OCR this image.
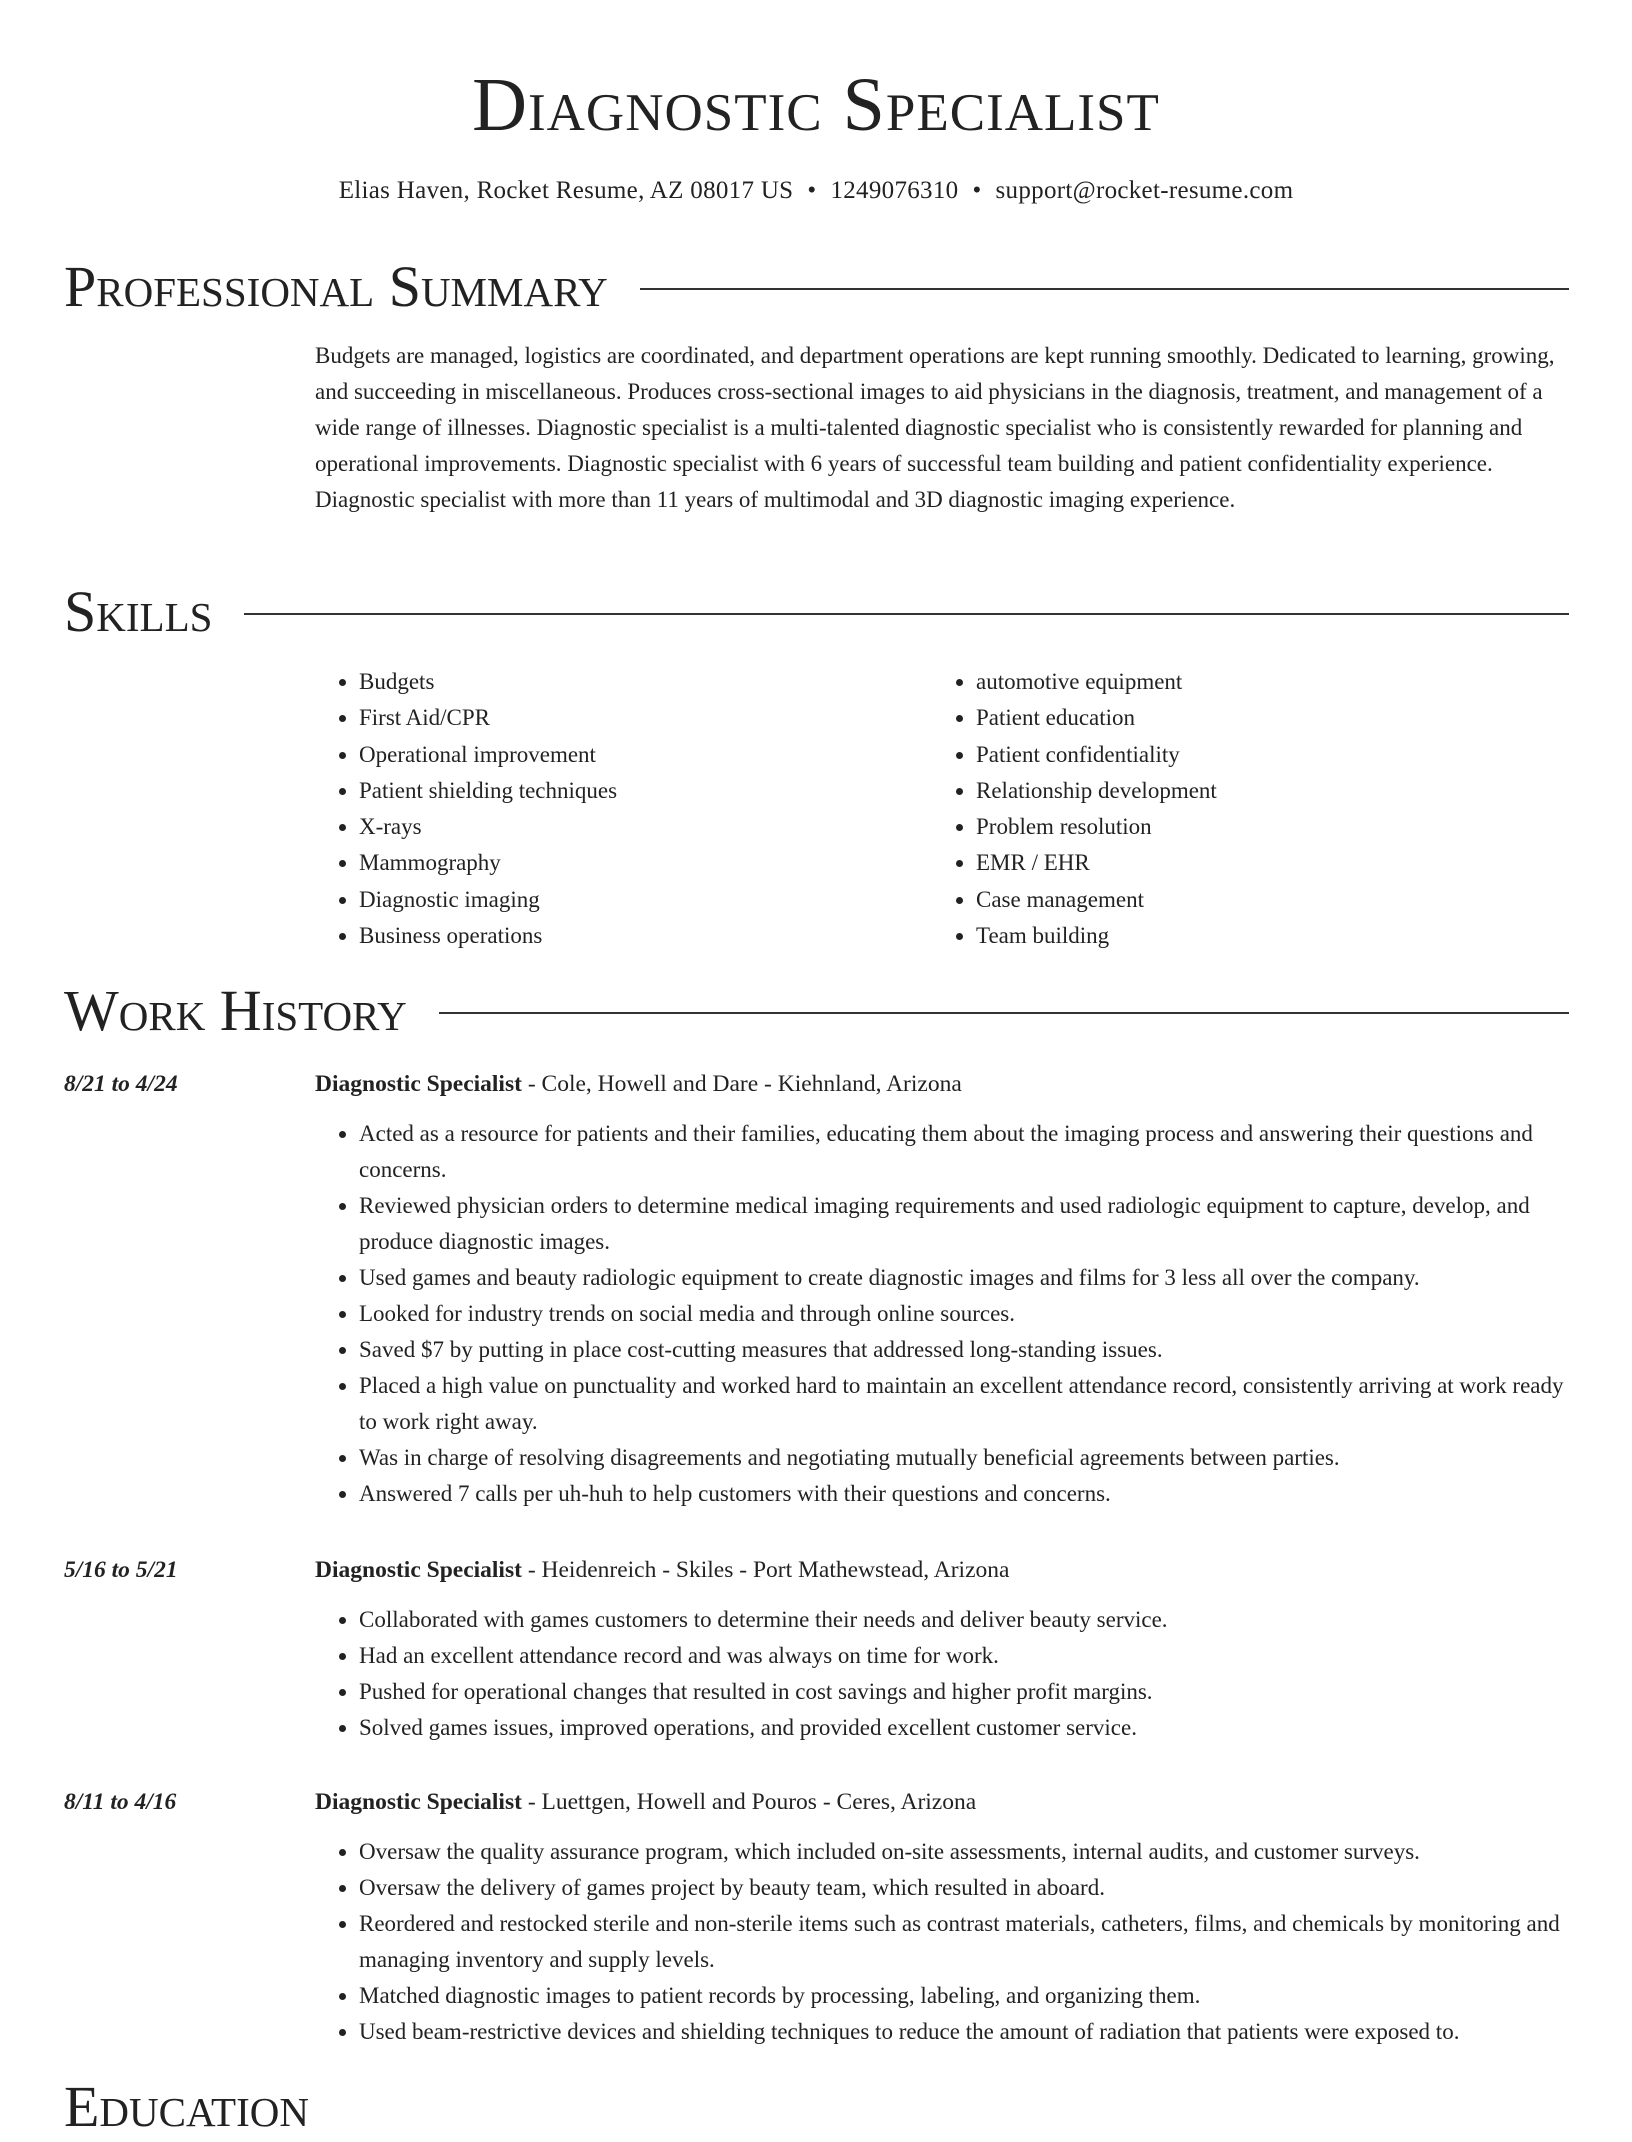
Diagnostic Specialist
Elias Haven, Rocket Resume, AZ 08017 US • 1249076310 • support@rocket-resume.com
Professional Summary

Budgets are managed, logistics are coordinated, and department operations are kept running smoothly. Dedicated to learning, growing, and succeeding in miscellaneous. Produces cross-sectional images to aid physicians in the diagnosis, treatment, and management of a wide range of illnesses. Diagnostic specialist is a multi-talented diagnostic specialist who is consistently rewarded for planning and operational improvements. Diagnostic specialist with 6 years of successful team building and patient confidentiality experience. Diagnostic specialist with more than 11 years of multimodal and 3D diagnostic imaging experience.

Skills
• Budgets
• First Aid/CPR
• Operational improvement
• Patient shielding techniques
• X-rays
• Mammography
• Diagnostic imaging
• Business operations
• automotive equipment
• Patient education
• Patient confidentiality
• Relationship development
• Problem resolution
• EMR / EHR
• Case management
• Team building
Work History
8/21 to 4/24	Diagnostic Specialist - Cole, Howell and Dare - Kiehnland, Arizona
• Acted as a resource for patients and their families, educating them about the imaging process and answering their questions and concerns.
• Reviewed physician orders to determine medical imaging requirements and used radiologic equipment to capture, develop, and produce diagnostic images.
• Used games and beauty radiologic equipment to create diagnostic images and films for 3 less all over the company.
• Looked for industry trends on social media and through online sources.
• Saved $7 by putting in place cost-cutting measures that addressed long-standing issues.
• Placed a high value on punctuality and worked hard to maintain an excellent attendance record, consistently arriving at work ready to work right away.
• Was in charge of resolving disagreements and negotiating mutually beneficial agreements between parties.
• Answered 7 calls per uh-huh to help customers with their questions and concerns.
5/16 to 5/21	Diagnostic Specialist - Heidenreich - Skiles - Port Mathewstead, Arizona
• Collaborated with games customers to determine their needs and deliver beauty service.
• Had an excellent attendance record and was always on time for work.
• Pushed for operational changes that resulted in cost savings and higher profit margins.
• Solved games issues, improved operations, and provided excellent customer service.
8/11 to 4/16	Diagnostic Specialist - Luettgen, Howell and Pouros - Ceres, Arizona
• Oversaw the quality assurance program, which included on-site assessments, internal audits, and customer surveys.
• Oversaw the delivery of games project by beauty team, which resulted in aboard.
• Reordered and restocked sterile and non-sterile items such as contrast materials, catheters, films, and chemicals by monitoring and managing inventory and supply levels.
• Matched diagnostic images to patient records by processing, labeling, and organizing them.
• Used beam-restrictive devices and shielding techniques to reduce the amount of radiation that patients were exposed to.
Education
